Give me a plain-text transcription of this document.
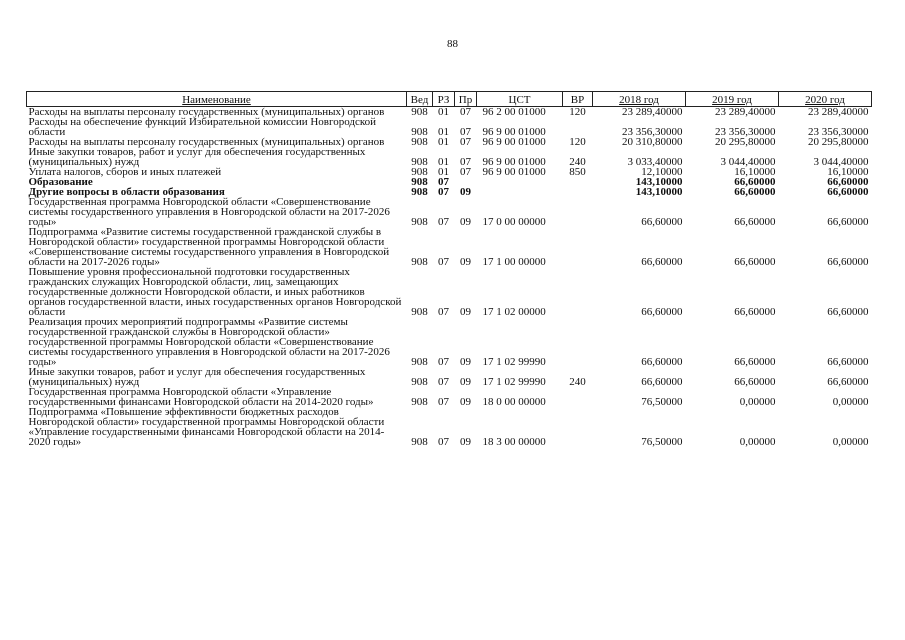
88
Наименование	Вед	РЗ	Пр	ЦСТ	ВР	2018 год	2019 год	2020 год
Расходы на выплаты персоналу государственных (муниципальных) органов	908	01	07	96 2 00 01000	120	23 289,40000	23 289,40000	23 289,40000
Расходы на обеспечение функций Избирательной комиссии Новгородской области	908	01	07	96 9 00 01000		23 356,30000	23 356,30000	23 356,30000
Расходы на выплаты персоналу государственных (муниципальных) органов	908	01	07	96 9 00 01000	120	20 310,80000	20 295,80000	20 295,80000
Иные закупки товаров, работ и услуг для обеспечения государственных (муниципальных) нужд	908	01	07	96 9 00 01000	240	3 033,40000	3 044,40000	3 044,40000
Уплата налогов, сборов и иных платежей	908	01	07	96 9 00 01000	850	12,10000	16,10000	16,10000
Образование	908	07				143,10000	66,60000	66,60000
Другие вопросы в области образования	908	07	09			143,10000	66,60000	66,60000
Государственная программа Новгородской области «Совершенствование системы государственного управления в Новгородской области на 2017-2026 годы»	908	07	09	17 0 00 00000		66,60000	66,60000	66,60000
Подпрограмма «Развитие системы государственной гражданской службы в Новгородской области» государственной программы Новгородской области «Совершенствование системы государственного управления в Новгородской области на 2017-2026 годы»	908	07	09	17 1 00 00000		66,60000	66,60000	66,60000
Повышение уровня профессиональной подготовки государственных гражданских служащих Новгородской области, лиц, замещающих государственные должности Новгородской области, и иных работников органов государственной власти, иных государственных органов Новгородской области	908	07	09	17 1 02 00000		66,60000	66,60000	66,60000
Реализация прочих мероприятий подпрограммы «Развитие системы государственной гражданской службы в Новгородской области» государственной программы Новгородской области «Совершенствование системы государственного управления в Новгородской области на 2017-2026 годы»	908	07	09	17 1 02 99990		66,60000	66,60000	66,60000
Иные закупки товаров, работ и услуг для обеспечения государственных (муниципальных) нужд	908	07	09	17 1 02 99990	240	66,60000	66,60000	66,60000
Государственная программа Новгородской области «Управление государственными финансами Новгородской области на 2014-2020 годы»	908	07	09	18 0 00 00000		76,50000	0,00000	0,00000
Подпрограмма «Повышение эффективности бюджетных расходов Новгородской области» государственной программы Новгородской области «Управление государственными финансами Новгородской области на 2014-2020 годы»	908	07	09	18 3 00 00000		76,50000	0,00000	0,00000
